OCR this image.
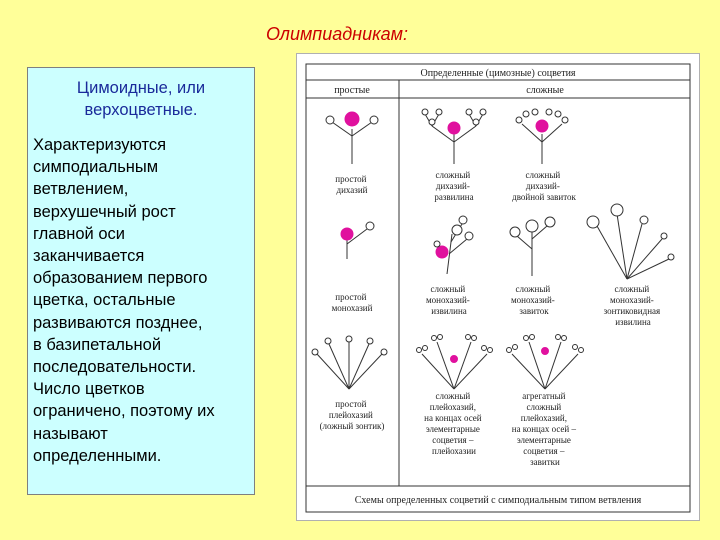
Олимпиадникам:
Цимоидные, или
верхоцветные.
Характеризуются
симподиальным
ветвлением,
верхушечный рост
главной оси
заканчивается
образованием первого
цветка, остальные
развиваются позднее,
в базипетальной
последовательности.
Число цветков
ограничено, поэтому их
называют
определенными.
Определенные (цимозные) соцветия
простые	сложные
Схемы определенных соцветий с симподиальным типом ветвления
простой дихазий
сложный дихазий- развилина
сложный дихазий- двойной завиток
простой монохазий
сложный монохазий- извилина
сложный монохазий- завиток
сложный монохазий- зонтиковидная извилина
простой плейохазий (ложный зонтик)
сложный плейохазий, на концах осей элементарные соцветия – плейохазии
агрегатный сложный плейохазий, на концах осей – элементарные соцветия – завитки
